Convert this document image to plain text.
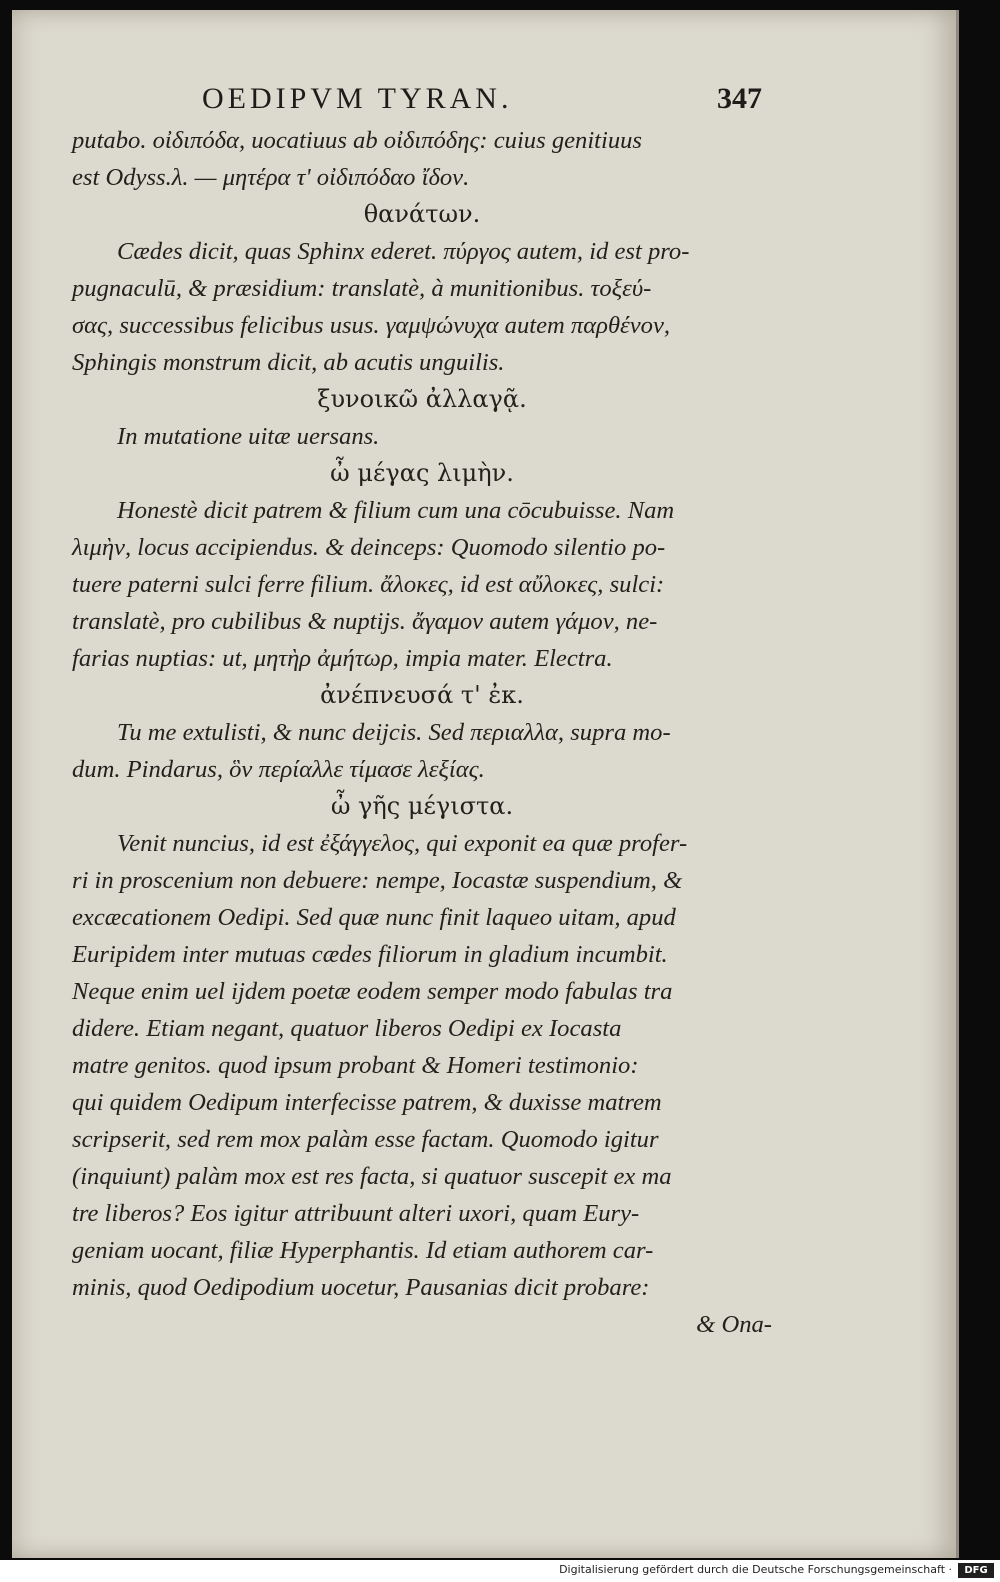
OEDIPVM TYRAN.	347
putabo. οἰδιπόδα, uocatiuus ab οἰδιπόδης: cuius genitiuus
est Odyss.λ. — μητέρα τ' οἰδιπόδαο ἴδον.
θανάτων.
Cædes dicit, quas Sphinx ederet. πύργος autem, id est pro-
pugnaculū, & præsidium: translatè, à munitionibus. τοξεύ-
σας, successibus felicibus usus. γαμψώνυχα autem παρθένον,
Sphingis monstrum dicit, ab acutis unguilis.
ξυνοικῶ ἀλλαγᾷ.
In mutatione uitæ uersans.
ὦ μέγας λιμὴν.
Honestè dicit patrem & filium cum una cōcubuisse. Nam
λιμὴν, locus accipiendus. & deinceps: Quomodo silentio po-
tuere paterni sulci ferre filium. ἄλοκες, id est αὔλοκες, sulci:
translatè, pro cubilibus & nuptijs. ἄγαμον autem γάμον, ne-
farias nuptias: ut, μητὴρ ἀμήτωρ, impia mater. Electra.
ἀνέπνευσά τ' ἐκ.
Tu me extulisti, & nunc deijcis. Sed περιαλλα, supra mo-
dum. Pindarus, ὃν περίαλλε τίμασε λεξίας.
ὦ γῆς μέγιστα.
Venit nuncius, id est ἐξάγγελος, qui exponit ea quæ profer-
ri in proscenium non debuere: nempe, Iocastæ suspendium, &
excæcationem Oedipi. Sed quæ nunc finit laqueo uitam, apud
Euripidem inter mutuas cædes filiorum in gladium incumbit.
Neque enim uel ijdem poetæ eodem semper modo fabulas tra
didere. Etiam negant, quatuor liberos Oedipi ex Iocasta
matre genitos. quod ipsum probant & Homeri testimonio:
qui quidem Oedipum interfecisse patrem, & duxisse matrem
scripserit, sed rem mox palàm esse factam. Quomodo igitur
(inquiunt) palàm mox est res facta, si quatuor suscepit ex ma
tre liberos? Eos igitur attribuunt alteri uxori, quam Eury-
geniam uocant, filiæ Hyperphantis. Id etiam authorem car-
minis, quod Oedipodium uocetur, Pausanias dicit probare:
& Ona-
Digitalisierung gefördert durch die Deutsche Forschungsgemeinschaft ·	DFG
